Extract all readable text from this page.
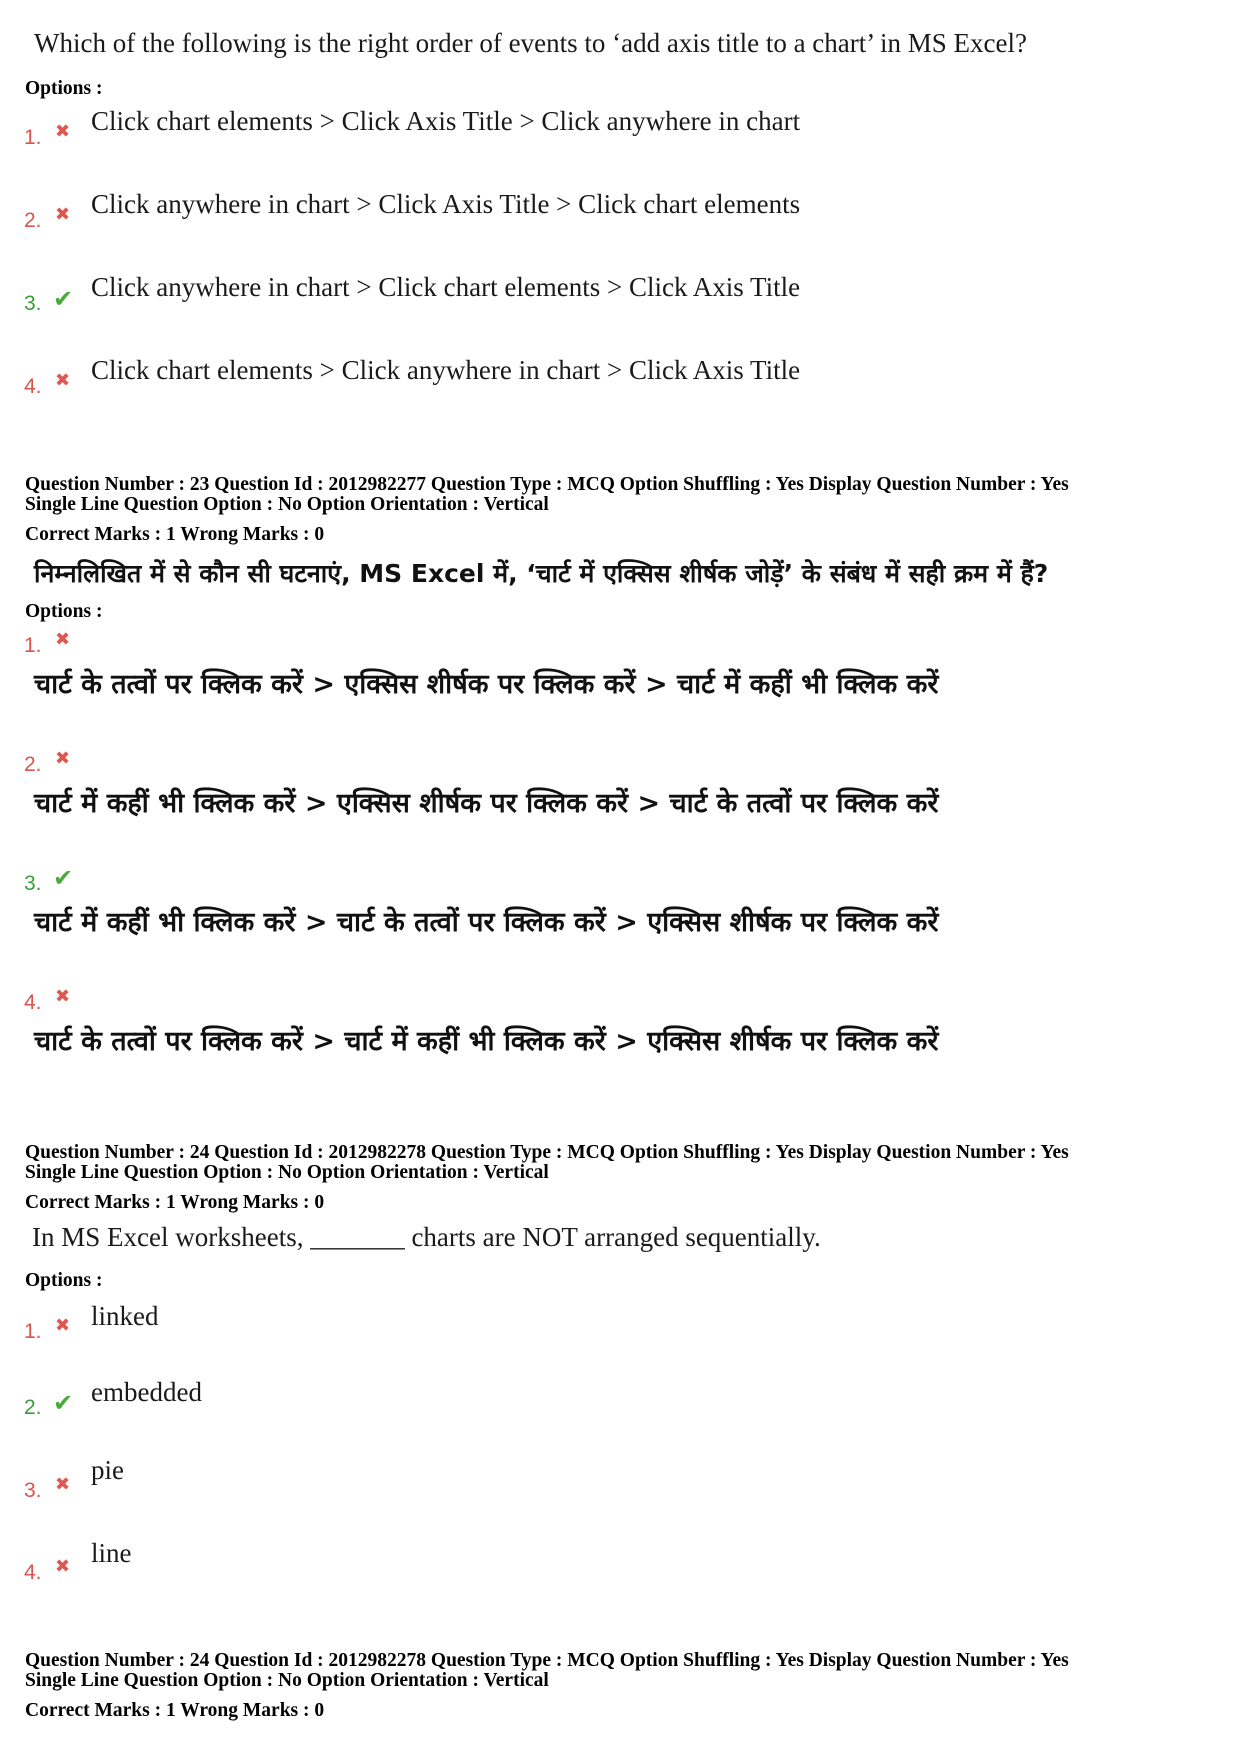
Which of the following is the right order of events to ‘add axis title to a chart’ in MS Excel?
Options :
1. ✖ Click chart elements > Click Axis Title > Click anywhere in chart
2. ✖ Click anywhere in chart > Click Axis Title > Click chart elements
3. ✔ Click anywhere in chart > Click chart elements > Click Axis Title
4. ✖ Click chart elements > Click anywhere in chart > Click Axis Title
Question Number : 23 Question Id : 2012982277 Question Type : MCQ Option Shuffling : Yes Display Question Number : Yes
Single Line Question Option : No Option Orientation : Vertical
Correct Marks : 1 Wrong Marks : 0
निम्नलिखित में से कौन सी घटनाएं, MS Excel में, ‘चार्ट में एक्सिस शीर्षक जोड़ें’ के संबंध में सही क्रम में हैं?
Options :
1. ✖
चार्ट के तत्वों पर क्लिक करें > एक्सिस शीर्षक पर क्लिक करें > चार्ट में कहीं भी क्लिक करें
2. ✖
चार्ट में कहीं भी क्लिक करें > एक्सिस शीर्षक पर क्लिक करें > चार्ट के तत्वों पर क्लिक करें
3. ✔
चार्ट में कहीं भी क्लिक करें > चार्ट के तत्वों पर क्लिक करें > एक्सिस शीर्षक पर क्लिक करें
4. ✖
चार्ट के तत्वों पर क्लिक करें > चार्ट में कहीं भी क्लिक करें > एक्सिस शीर्षक पर क्लिक करें
Question Number : 24 Question Id : 2012982278 Question Type : MCQ Option Shuffling : Yes Display Question Number : Yes
Single Line Question Option : No Option Orientation : Vertical
Correct Marks : 1 Wrong Marks : 0
In MS Excel worksheets, _______ charts are NOT arranged sequentially.
Options :
1. ✖ linked
2. ✔ embedded
3. ✖ pie
4. ✖ line
Question Number : 24 Question Id : 2012982278 Question Type : MCQ Option Shuffling : Yes Display Question Number : Yes
Single Line Question Option : No Option Orientation : Vertical
Correct Marks : 1 Wrong Marks : 0
